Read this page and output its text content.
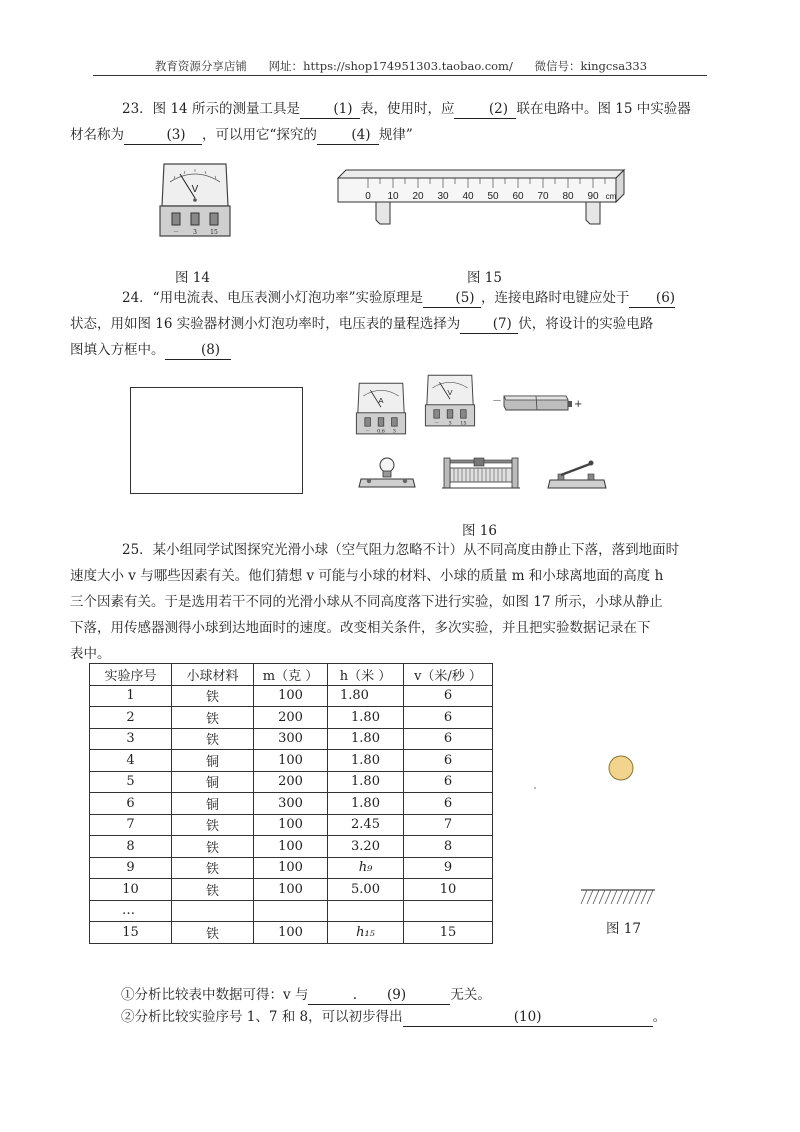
教育资源分享店铺 网址：https://shop174951303.taobao.com/ 微信号：kingcsa333
23．图 14 所示的测量工具是 (1) 表，使用时，应	(2) 联在电路中。图 15 中实验器
材名称为	(3) ，可以用它“探究的	(4) 规律”
V
－ 3 15
图 14
0 10 20 30 40 50 60 70 80 90 cm
图 15
24．“用电流表、电压表测小灯泡功率”实验原理是 (5) ，连接电路时电键应处于 (6)
状态，用如图 16 实验器材测小灯泡功率时，电压表的量程选择为 (7) 伏，将设计的实验电路
图填入方框中。	(8)
A
－ 0.6 3
V
－ 3 15
－	+
图 16
25．某小组同学试图探究光滑小球（空气阻力忽略不计）从不同高度由静止下落，落到地面时
速度大小 v 与哪些因素有关。他们猜想 v 可能与小球的材料、小球的质量 m 和小球离地面的高度 h
三个因素有关。于是选用若干不同的光滑小球从不同高度落下进行实验，如图 17 所示，小球从静止
下落，用传感器测得小球到达地面时的速度。改变相关条件，多次实验，并且把实验数据记录在下
表中。
实验序号	小球材料	m（克 ）	h（米 ）	v（米/秒 ）
1	铁	100	1.80	6
2	铁	200	1.80	6
3	铁	300	1.80	6
4	铜	100	1.80	6
5	铜	200	1.80	6
6	铜	300	1.80	6
7	铁	100	2.45	7
8	铁	100	3.20	8
9	铁	100	h₉	9
10	铁	100	5.00	10
…				
15	铁	100	h₁₅	15	图 17
①分析比较表中数据可得：v 与	. (9)	无关。
②分析比较实验序号 1、7 和 8，可以初步得出	(10)	。
